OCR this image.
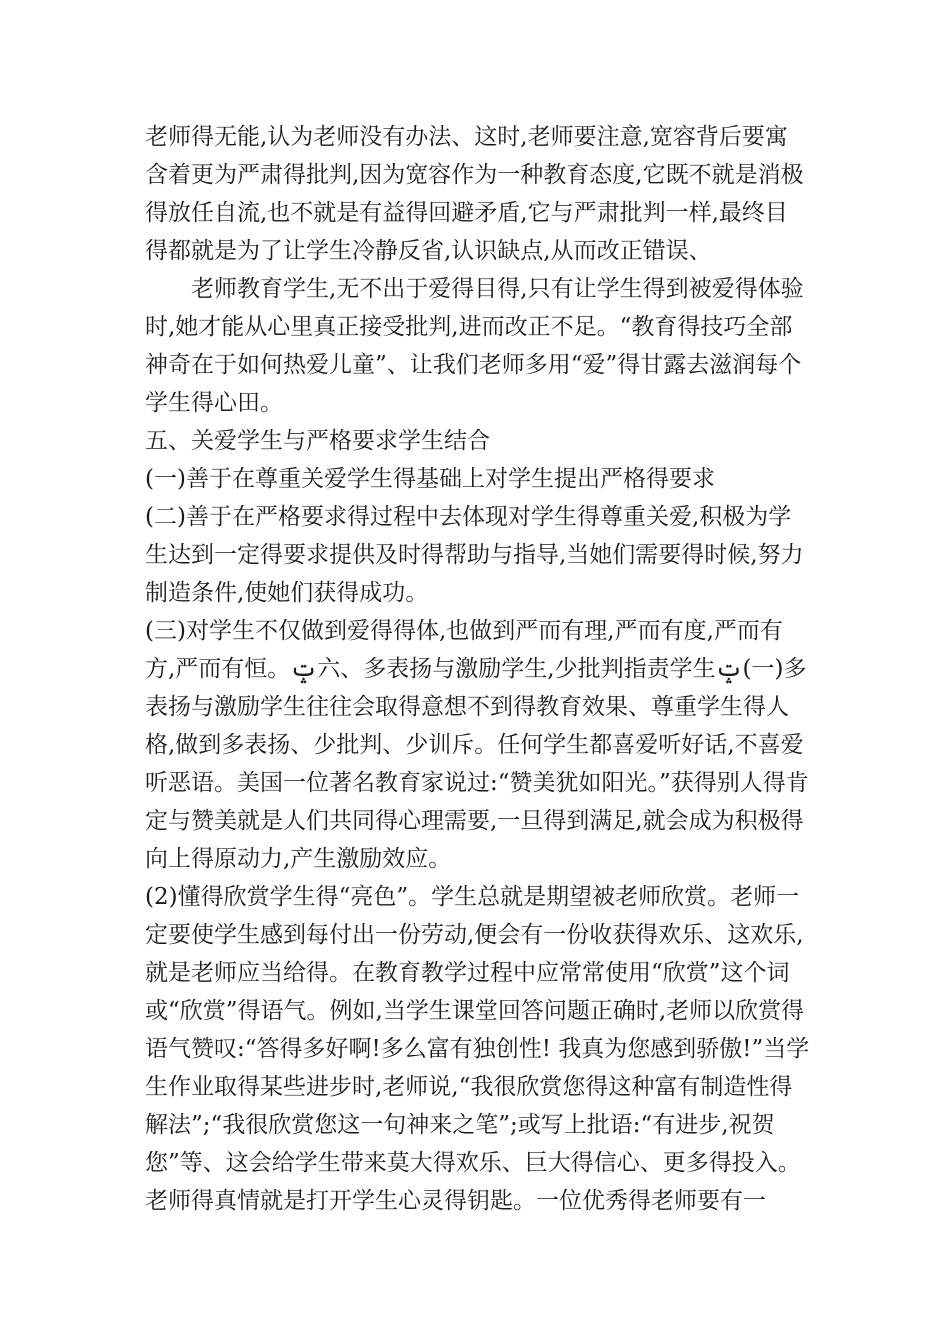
老师得无能,认为老师没有办法、这时,老师要注意,宽容背后要寓含着更为严肃得批判,因为宽容作为一种教育态度,它既不就是消极得放任自流,也不就是有益得回避矛盾,它与严肃批判一样,最终目得都就是为了让学生冷静反省,认识缺点,从而改正错误、

老师教育学生,无不出于爱得目得,只有让学生得到被爱得体验时,她才能从心里真正接受批判,进而改正不足。“教育得技巧全部神奇在于如何热爱儿童”、让我们老师多用“爱”得甘露去滋润每个学生得心田。

五、关爱学生与严格要求学生结合

(一)善于在尊重关爱学生得基础上对学生提出严格得要求

(二)善于在严格要求得过程中去体现对学生得尊重关爱,积极为学生达到一定得要求提供及时得帮助与指导,当她们需要得时候,努力制造条件,使她们获得成功。

(三)对学生不仅做到爱得得体,也做到严而有理,严而有度,严而有方,严而有恒。ݓ六、多表扬与激励学生,少批判指责学生ݓ(一)多表扬与激励学生往往会取得意想不到得教育效果、尊重学生得人格,做到多表扬、少批判、少训斥。任何学生都喜爱听好话,不喜爱听恶语。美国一位著名教育家说过:“赞美犹如阳光。”获得别人得肯定与赞美就是人们共同得心理需要,一旦得到满足,就会成为积极得向上得原动力,产生激励效应。

(2)懂得欣赏学生得“亮色”。学生总就是期望被老师欣赏。老师一定要使学生感到每付出一份劳动,便会有一份收获得欢乐、这欢乐,就是老师应当给得。在教育教学过程中应常常使用“欣赏”这个词或“欣赏”得语气。例如,当学生课堂回答问题正确时,老师以欣赏得语气赞叹:“答得多好啊!多么富有独创性! 我真为您感到骄傲!”当学生作业取得某些进步时,老师说,“我很欣赏您得这种富有制造性得解法”;“我很欣赏您这一句神来之笔”;或写上批语:“有进步,祝贺您”等、这会给学生带来莫大得欢乐、巨大得信心、更多得投入。老师得真情就是打开学生心灵得钥匙。一位优秀得老师要有一
